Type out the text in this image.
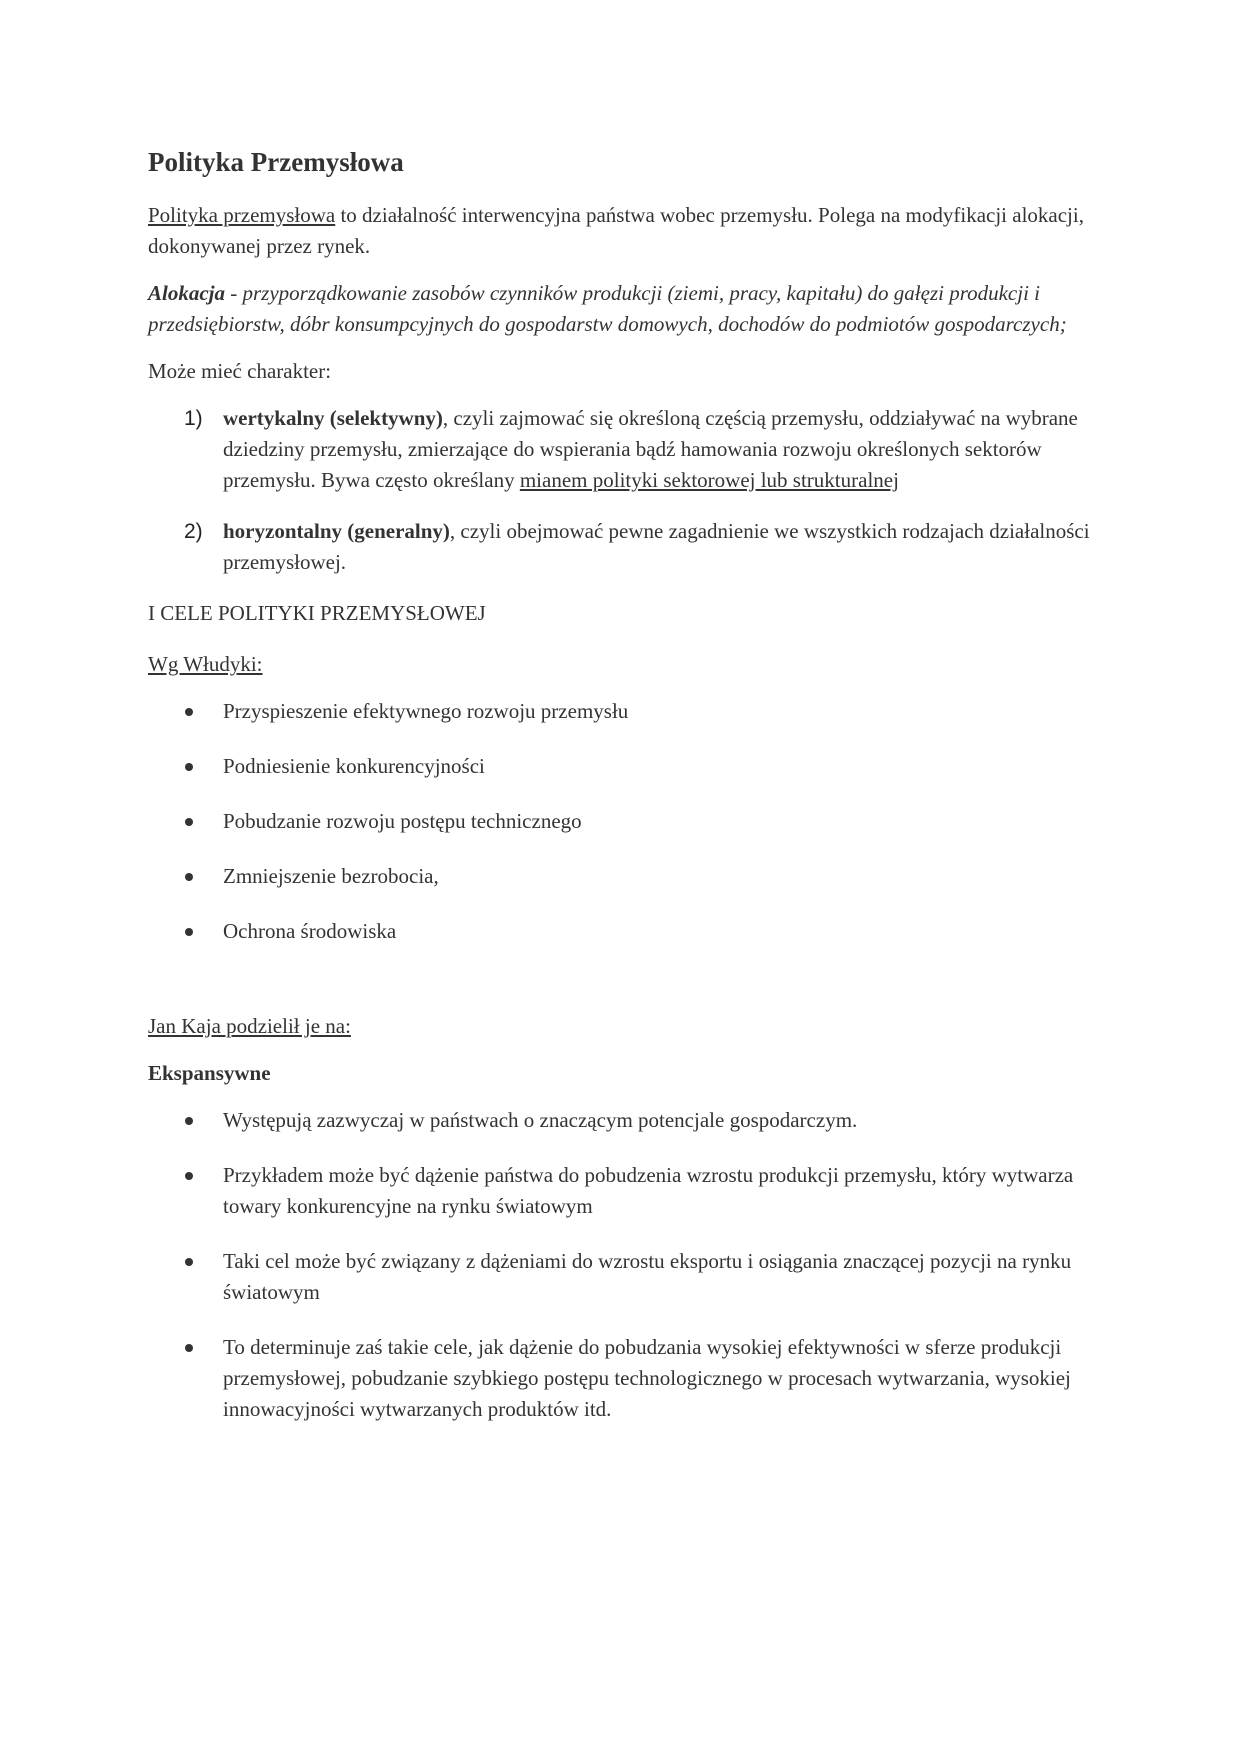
Polityka Przemysłowa

Polityka przemysłowa to działalność interwencyjna państwa wobec przemysłu. Polega na modyfikacji alokacji, dokonywanej przez rynek.

Alokacja - przyporządkowanie zasobów czynników produkcji (ziemi, pracy, kapitału) do gałęzi produkcji i przedsiębiorstw, dóbr konsumpcyjnych do gospodarstw domowych, dochodów do podmiotów gospodarczych;

Może mieć charakter:

1) wertykalny (selektywny), czyli zajmować się określoną częścią przemysłu, oddziaływać na wybrane dziedziny przemysłu, zmierzające do wspierania bądź hamowania rozwoju określonych sektorów przemysłu. Bywa często określany mianem polityki sektorowej lub strukturalnej
2) horyzontalny (generalny), czyli obejmować pewne zagadnienie we wszystkich rodzajach działalności przemysłowej.
I CELE POLITYKI PRZEMYSŁOWEJ

Wg Włudyki:

Przyspieszenie efektywnego rozwoju przemysłu
Podniesienie konkurencyjności
Pobudzanie rozwoju postępu technicznego
Zmniejszenie bezrobocia,
Ochrona środowiska

Jan Kaja podzielił je na:

Ekspansywne

Występują zazwyczaj w państwach o znaczącym potencjale gospodarczym.
Przykładem może być dążenie państwa do pobudzenia wzrostu produkcji przemysłu, który wytwarza towary konkurencyjne na rynku światowym
Taki cel może być związany z dążeniami do wzrostu eksportu i osiągania znaczącej pozycji na rynku światowym
To determinuje zaś takie cele, jak dążenie do pobudzania wysokiej efektywności w sferze produkcji przemysłowej, pobudzanie szybkiego postępu technologicznego w procesach wytwarzania, wysokiej innowacyjności wytwarzanych produktów itd.
